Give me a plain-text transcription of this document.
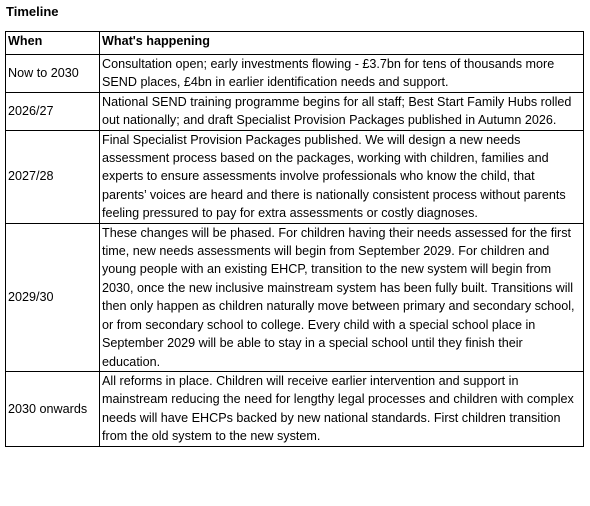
Timeline
When	What's happening
Now to 2030	Consultation open; early investments flowing - £3.7bn for tens of thousands more SEND places, £4bn in earlier identification needs and support.
2026/27	National SEND training programme begins for all staff; Best Start Family Hubs rolled out nationally; and draft Specialist Provision Packages published in Autumn 2026.
2027/28	Final Specialist Provision Packages published. We will design a new needs assessment process based on the packages, working with children, families and experts to ensure assessments involve professionals who know the child, that parents’ voices are heard and there is nationally consistent process without parents feeling pressured to pay for extra assessments or costly diagnoses.
2029/30	These changes will be phased. For children having their needs assessed for the first time, new needs assessments will begin from September 2029. For children and young people with an existing EHCP, transition to the new system will begin from 2030, once the new inclusive mainstream system has been fully built. Transitions will then only happen as children naturally move between primary and secondary school, or from secondary school to college. Every child with a special school place in September 2029 will be able to stay in a special school until they finish their education.
2030 onwards	All reforms in place. Children will receive earlier intervention and support in mainstream reducing the need for lengthy legal processes and children with complex needs will have EHCPs backed by new national standards. First children transition from the old system to the new system.
